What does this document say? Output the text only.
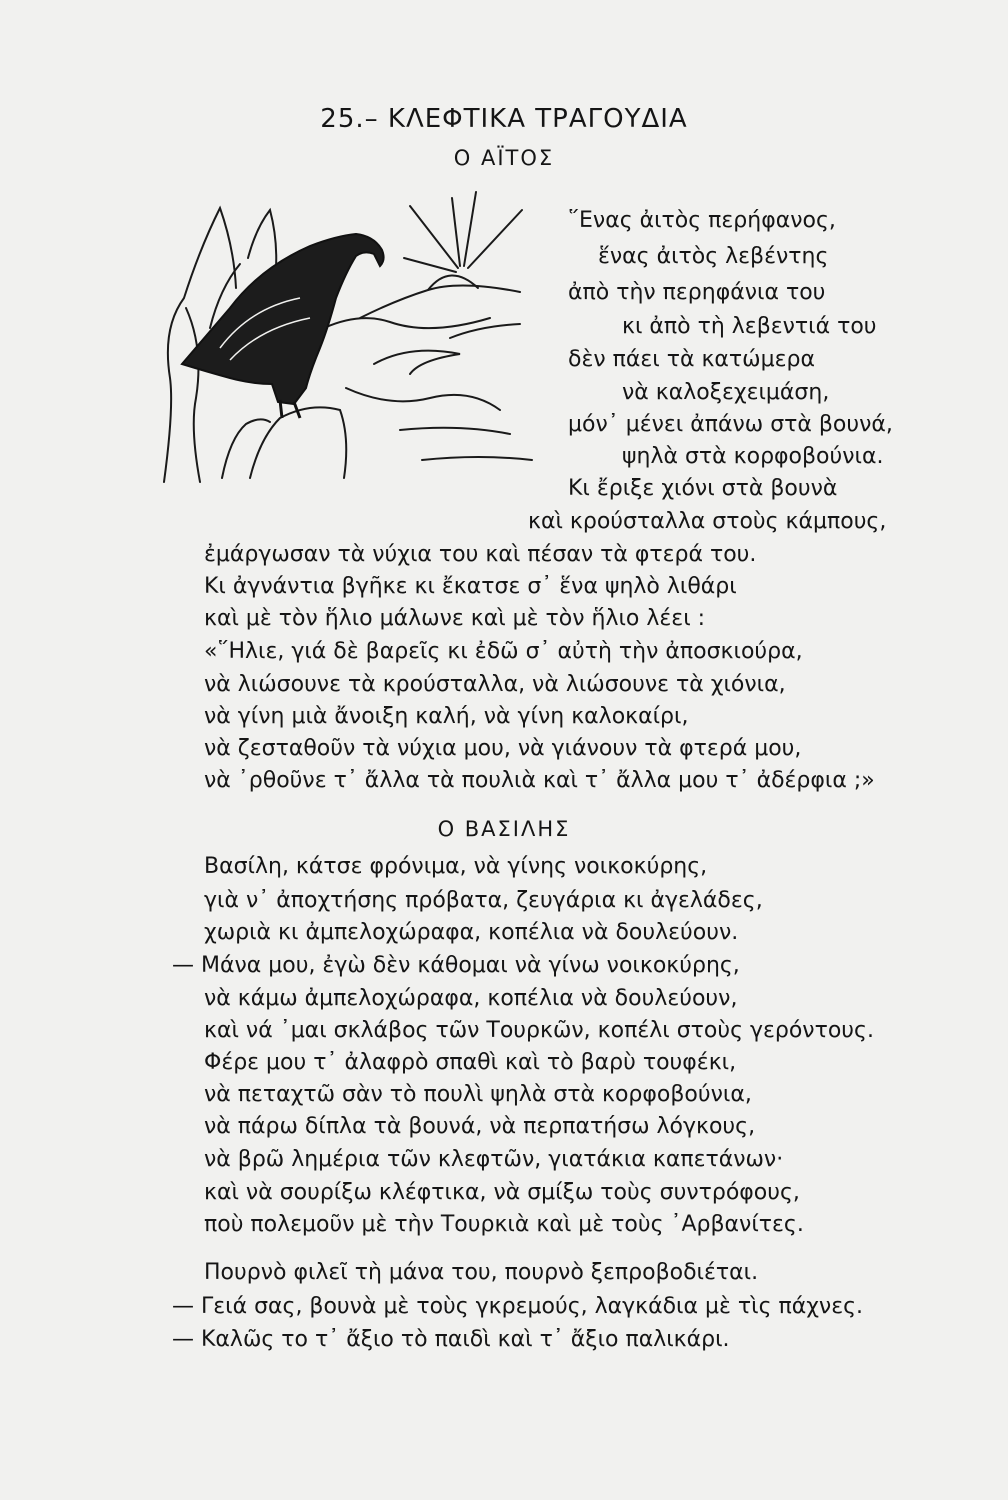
25.– ΚΛΕΦΤΙΚΑ ΤΡΑΓΟΥΔΙΑ
Ο ΑΪΤΟΣ
῞Ενας ἀιτὸς περήφανος,
ἕνας ἀιτὸς λεβέντης
ἀπὸ τὴν περηφάνια του
κι ἀπὸ τὴ λεβεντιά του
δὲν πάει τὰ κατώμερα
νὰ καλοξεχειμάση,
μόν᾽ μένει ἀπάνω στὰ βουνά,
ψηλὰ στὰ κορφοβούνια.
Κι ἔριξε χιόνι στὰ βουνὰ
καὶ κρούσταλλα στοὺς κάμπους,
ἐμάργωσαν τὰ νύχια του καὶ πέσαν τὰ φτερά του.
Κι ἀγνάντια βγῆκε κι ἔκατσε σ᾽ ἕνα ψηλὸ λιθάρι
καὶ μὲ τὸν ἥλιο μάλωνε καὶ μὲ τὸν ἥλιο λέει :
«῞Ηλιε, γιά δὲ βαρεῖς κι ἐδῶ σ᾽ αὐτὴ τὴν ἀποσκιούρα,
νὰ λιώσουνε τὰ κρούσταλλα, νὰ λιώσουνε τὰ χιόνια,
νὰ γίνη μιὰ ἄνοιξη καλή, νὰ γίνη καλοκαίρι,
νὰ ζεσταθοῦν τὰ νύχια μου, νὰ γιάνουν τὰ φτερά μου,
νὰ ᾽ρθοῦνε τ᾽ ἄλλα τὰ πουλιὰ καὶ τ᾽ ἄλλα μου τ᾽ ἀδέρφια ;»
Ο ΒΑΣΙΛΗΣ
Βασίλη, κάτσε φρόνιμα, νὰ γίνης νοικοκύρης,
γιὰ ν᾽ ἀποχτήσης πρόβατα, ζευγάρια κι ἀγελάδες,
χωριὰ κι ἀμπελοχώραφα, κοπέλια νὰ δουλεύουν.
— Μάνα μου, ἐγὼ δὲν κάθομαι νὰ γίνω νοικοκύρης,
νὰ κάμω ἀμπελοχώραφα, κοπέλια νὰ δουλεύουν,
καὶ νά ᾽μαι σκλάβος τῶν Τουρκῶν, κοπέλι στοὺς γερόντους.
Φέρε μου τ᾽ ἀλαφρὸ σπαθὶ καὶ τὸ βαρὺ τουφέκι,
νὰ πεταχτῶ σὰν τὸ πουλὶ ψηλὰ στὰ κορφοβούνια,
νὰ πάρω δίπλα τὰ βουνά, νὰ περπατήσω λόγκους,
νὰ βρῶ λημέρια τῶν κλεφτῶν, γιατάκια καπετάνων·
καὶ νὰ σουρίξω κλέφτικα, νὰ σμίξω τοὺς συντρόφους,
ποὺ πολεμοῦν μὲ τὴν Τουρκιὰ καὶ μὲ τοὺς ᾽Αρβανίτες.
Πουρνὸ φιλεῖ τὴ μάνα του, πουρνὸ ξεπροβοδιέται.
— Γειά σας, βουνὰ μὲ τοὺς γκρεμούς, λαγκάδια μὲ τὶς πάχνες.
— Καλῶς το τ᾽ ἄξιο τὸ παιδὶ καὶ τ᾽ ἄξιο παλικάρι.
